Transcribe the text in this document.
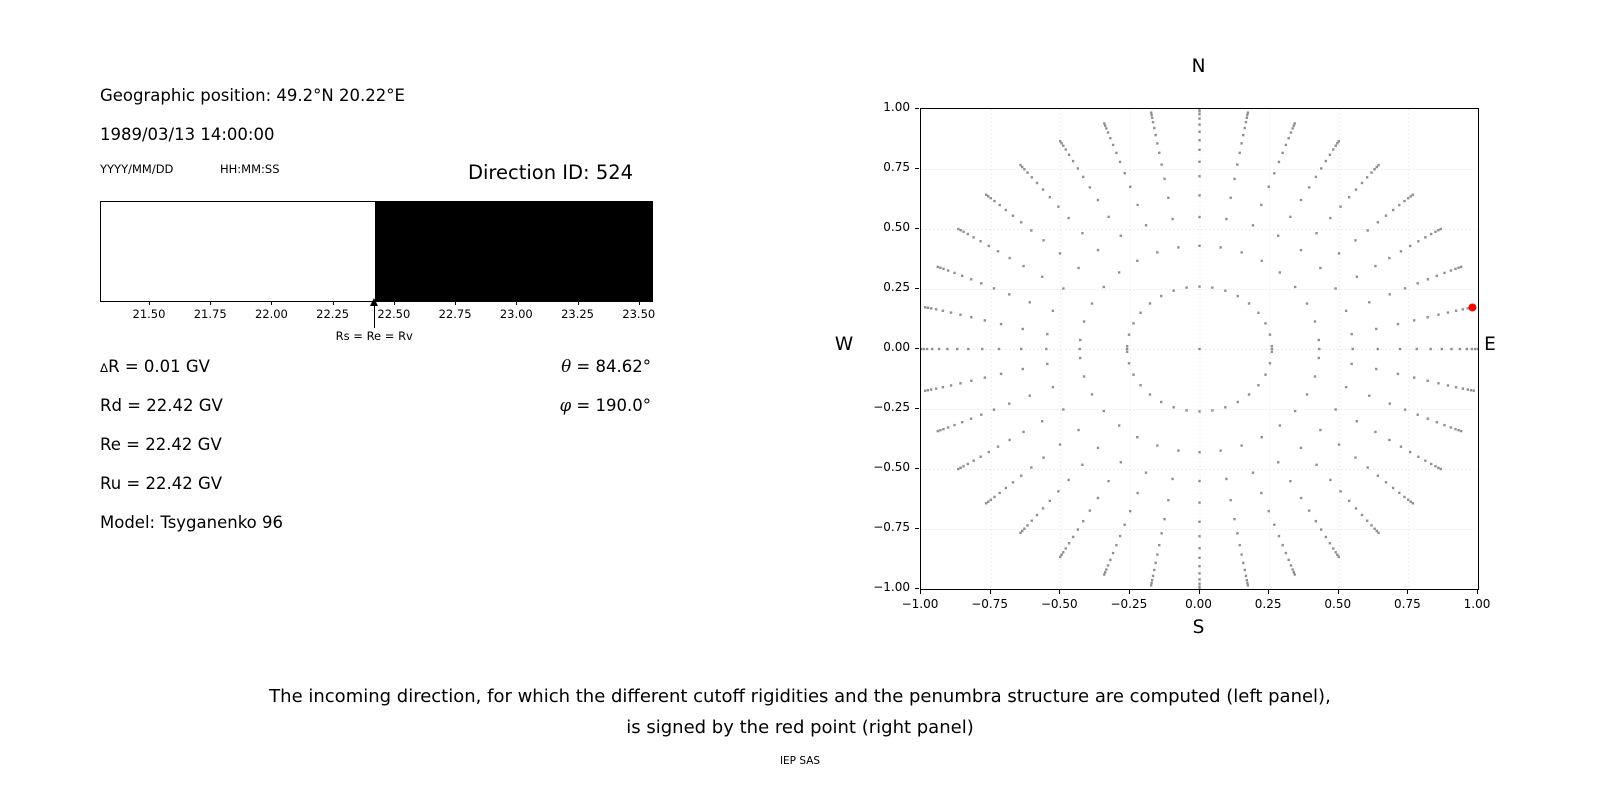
Geographic position: 49.2°N 20.22°E
1989/03/13 14:00:00
YYYY/MM/DD	HH:MM:SS	Direction ID: 524
Rs = Re = Rv
ΔR = 0.01 GV
Rd = 22.42 GV
Re = 22.42 GV
Ru = 22.42 GV
Model: Tsyganenko 96
θ = 84.62°
φ = 190.0°
N
S
W	E
The incoming direction, for which the different cutoff rigidities and the penumbra structure are computed (left panel),
is signed by the red point (right panel)
IEP SAS
21.50	21.75	22.00	22.25	22.50	22.75	23.00	23.25	23.50
−1.00	−0.75	−0.50	−0.25	0.00	0.25	0.50	0.75	1.00
1.00
0.75
0.50
0.25
0.00
−0.25
−0.50
−0.75
−1.00
